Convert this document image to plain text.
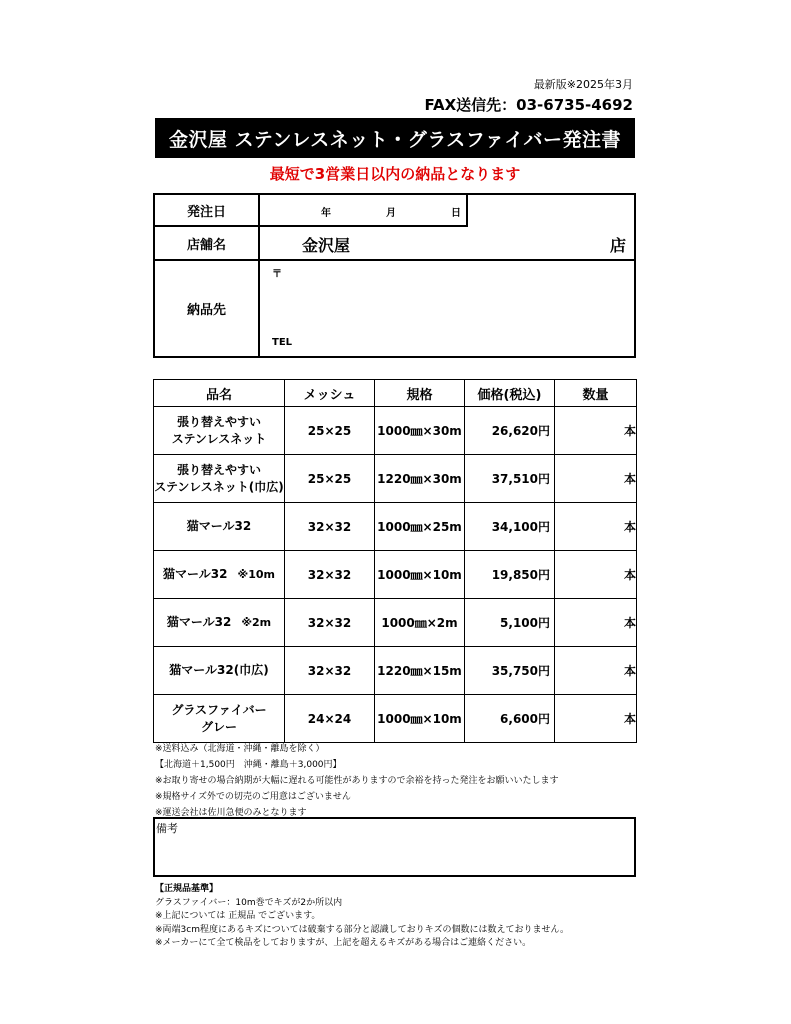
最新版※2025年3月
FAX送信先：03-6735-4692
金沢屋 ステンレスネット・グラスファイバー発注書
最短で3営業日以内の納品となります
発注日	年	月	日
店舗名	金沢屋	店
納品先
〒
TEL
品名	メッシュ	規格	価格(税込)	数量

張り替えやすい
ステンレスネット	25×25	1000㎜×30m	26,620円	本

張り替えやすい
ステンレスネット(巾広)	25×25	1220㎜×30m	37,510円	本

猫マール32	32×32	1000㎜×25m	34,100円	本
猫マール32 ※10m	32×32	1000㎜×10m	19,850円	本
猫マール32 ※2m	32×32	1000㎜×2m	5,100円	本

猫マール32(巾広)	32×32	1220㎜×15m	35,750円	本

グラスファイバー
グレー	24×24	1000㎜×10m	6,600円	本
※送料込み（北海道・沖縄・離島を除く）
【北海道＋1,500円　沖縄・離島＋3,000円】
※お取り寄せの場合納期が大幅に遅れる可能性がありますので余裕を持った発注をお願いいたします
※規格サイズ外での切売のご用意はございません
※運送会社は佐川急便のみとなります
備考
【正規品基準】
グラスファイバー：10m巻でキズが2か所以内
※上記については 正規品 でございます。
※両端3cm程度にあるキズについては破棄する部分と認識しておりキズの個数には数えておりません。
※メーカーにて全て検品をしておりますが、上記を超えるキズがある場合はご連絡ください。
